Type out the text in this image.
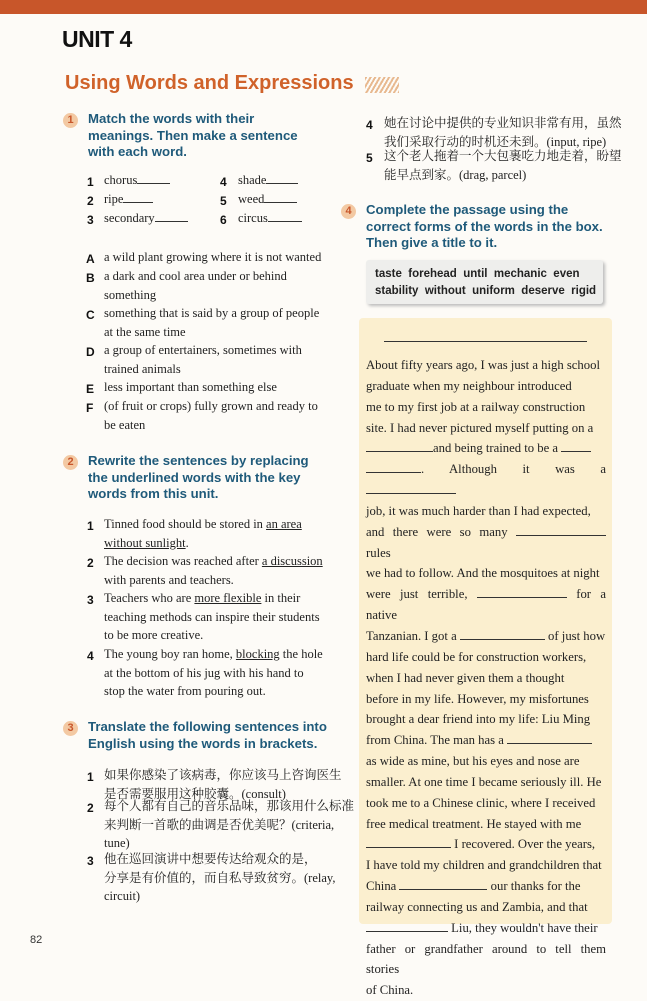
UNIT 4
Using Words and Expressions
1	Match the words with their
meanings. Then make a sentence
with each word.
1 chorus
2 ripe
3 secondary
4 shade
5 weed
6 circus
A a wild plant growing where it is not wanted
B a dark and cool area under or behind
something
C something that is said by a group of people
at the same time
D a group of entertainers, sometimes with
trained animals
E less important than something else
F (of fruit or crops) fully grown and ready to
be eaten
2	Rewrite the sentences by replacing
the underlined words with the key
words from this unit.
1 Tinned food should be stored in an area
without sunlight.
2 The decision was reached after a discussion
with parents and teachers.
3 Teachers who are more flexible in their
teaching methods can inspire their students
to be more creative.
4 The young boy ran home, blocking the hole
at the bottom of his jug with his hand to
stop the water from pouring out.
3	Translate the following sentences into
English using the words in brackets.
1 如果你感染了该病毒，你应该马上咨询医生
是否需要服用这种胶囊。(consult)
2 每个人都有自己的音乐品味，那该用什么标准
来判断一首歌的曲调是否优美呢？(criteria,
tune)
3 他在巡回演讲中想要传达给观众的是，
分享是有价值的，而自私导致贫穷。(relay,
circuit)
4 她在讨论中提供的专业知识非常有用，虽然
我们采取行动的时机还未到。(input, ripe)
5 这个老人拖着一个大包裹吃力地走着，盼望
能早点到家。(drag, parcel)
4	Complete the passage using the
correct forms of the words in the box.
Then give a title to it.
taste  forehead  until  mechanic  even
stability  without  uniform  deserve  rigid
About fifty years ago, I was just a high school
graduate when my neighbour introduced
me to my first job at a railway construction
site. I had never pictured myself putting on a
and being trained to be a
. Although it was a
job, it was much harder than I had expected,
and there were so many  rules
we had to follow. And the mosquitoes at night
were just terrible,	for a native
Tanzanian. I got a	of just how
hard life could be for construction workers,
when I had never given them a thought
before in my life. However, my misfortunes
brought a dear friend into my life: Liu Ming
from China. The man has a
as wide as mine, but his eyes and nose are
smaller. At one time I became seriously ill. He
took me to a Chinese clinic, where I received
free medical treatment. He stayed with me
I recovered. Over the years,
I have told my children and grandchildren that
China	our thanks for the
railway connecting us and Zambia, and that
Liu, they wouldn't have their
father or grandfather around to tell them stories
of China.
82
